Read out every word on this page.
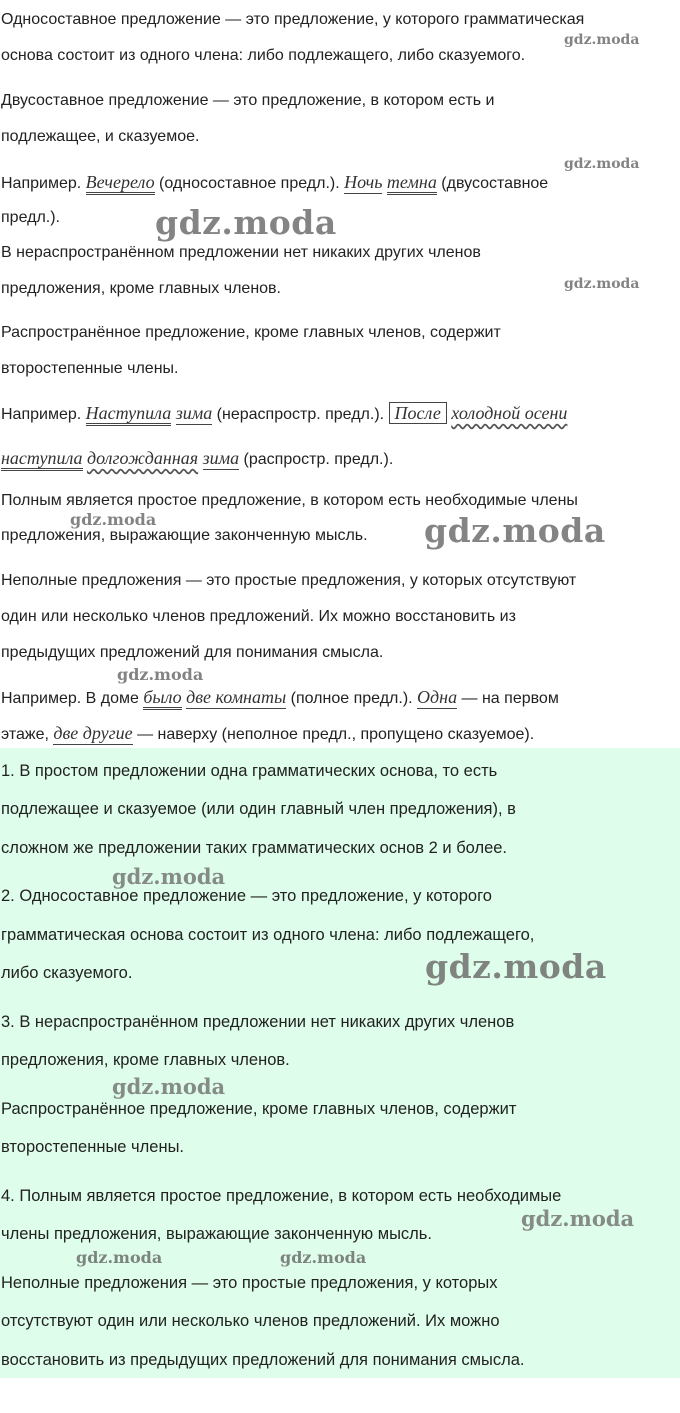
Односоставное предложение — это предложение, у которого грамматическая
основа состоит из одного члена: либо подлежащего, либо сказуемого.
Двусоставное предложение — это предложение, в котором есть и
подлежащее, и сказуемое.
Например. Вечерело (односоставное предл.). Ночь темна (двусоставное
предл.).
В нераспространённом предложении нет никаких других членов
предложения, кроме главных членов.
Распространённое предложение, кроме главных членов, содержит
второстепенные члены.
Например. Наступила зима (нераспростр. предл.). После холодной осени
наступила долгожданная зима (распростр. предл.).
Полным является простое предложение, в котором есть необходимые члены
предложения, выражающие законченную мысль.
Неполные предложения — это простые предложения, у которых отсутствуют
один или несколько членов предложений. Их можно восстановить из
предыдущих предложений для понимания смысла.
Например. В доме было две комнаты (полное предл.). Одна — на первом
этаже, две другие — наверху (неполное предл., пропущено сказуемое).
1. В простом предложении одна грамматических основа, то есть
подлежащее и сказуемое (или один главный член предложения), в
сложном же предложении таких грамматических основ 2 и более.
2. Односоставное предложение — это предложение, у которого
грамматическая основа состоит из одного члена: либо подлежащего,
либо сказуемого.
3. В нераспространённом предложении нет никаких других членов
предложения, кроме главных членов.
Распространённое предложение, кроме главных членов, содержит
второстепенные члены.
4. Полным является простое предложение, в котором есть необходимые
члены предложения, выражающие законченную мысль.
Неполные предложения — это простые предложения, у которых
отсутствуют один или несколько членов предложений. Их можно
восстановить из предыдущих предложений для понимания смысла.
gdz.moda
gdz.moda
gdz.moda
gdz.moda
gdz.moda	gdz.moda
gdz.moda
gdz.moda
gdz.moda
gdz.moda
gdz.moda
gdz.moda	gdz.moda
